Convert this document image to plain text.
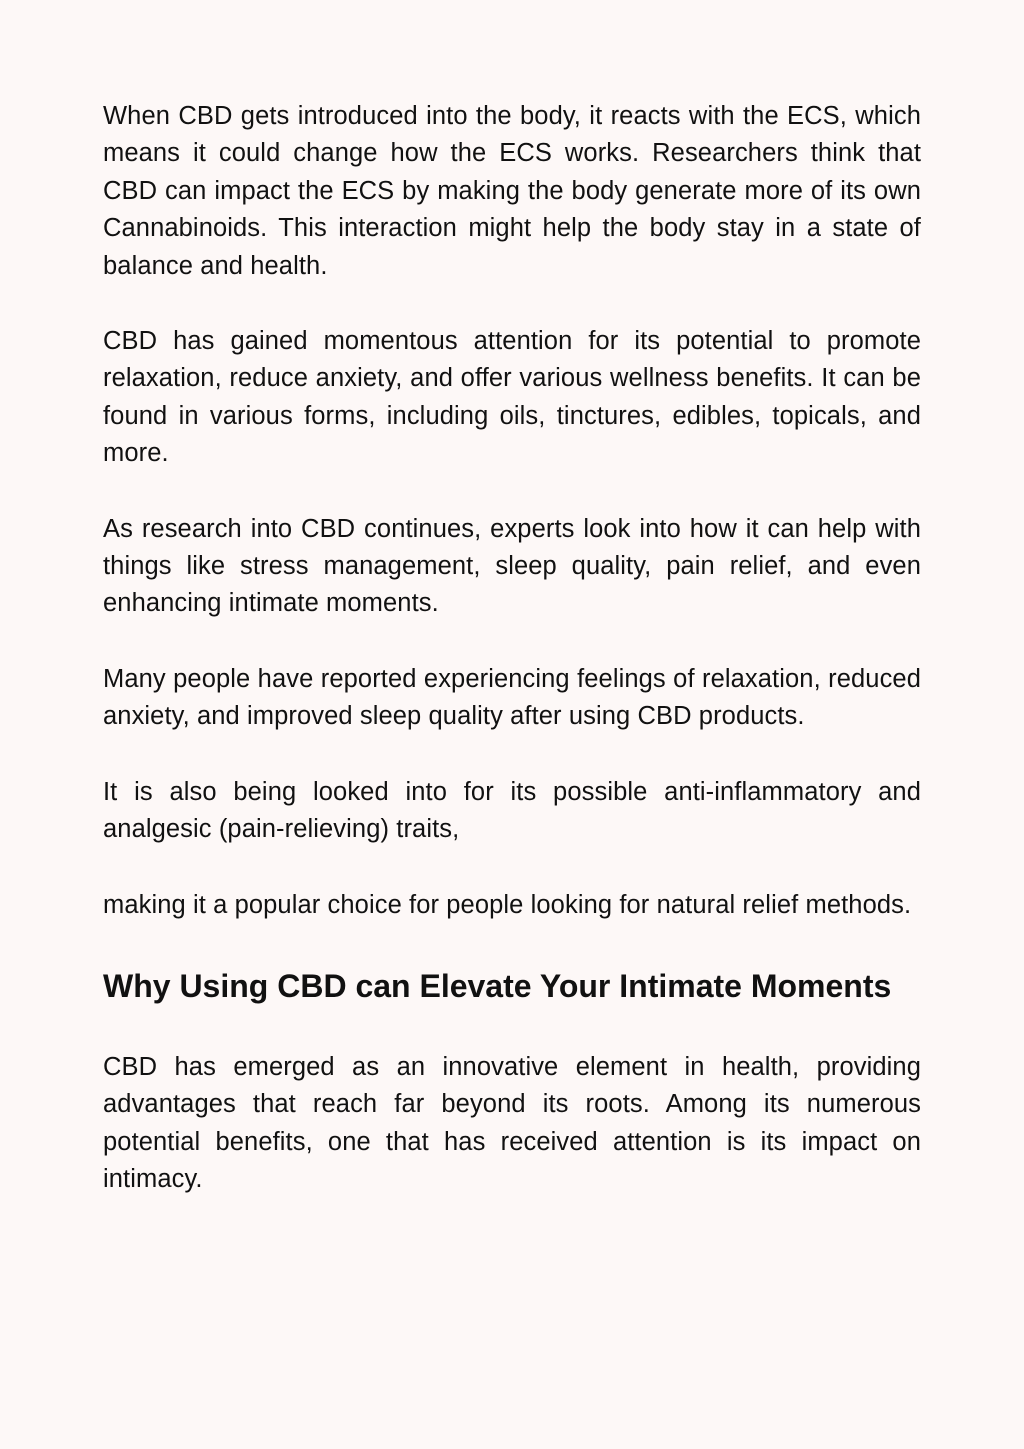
When CBD gets introduced into the body, it reacts with the ECS, which means it could change how the ECS works. Researchers think that CBD can impact the ECS by making the body generate more of its own Cannabinoids. This interaction might help the body stay in a state of balance and health.

CBD has gained momentous attention for its potential to promote relaxation, reduce anxiety, and offer various wellness benefits. It can be found in various forms, including oils, tinctures, edibles, topicals, and more.

As research into CBD continues, experts look into how it can help with things like stress management, sleep quality, pain relief, and even enhancing intimate moments.

Many people have reported experiencing feelings of relaxation, reduced anxiety, and improved sleep quality after using CBD products.

It is also being looked into for its possible anti-inflammatory and analgesic (pain-relieving) traits,

making it a popular choice for people looking for natural relief methods.

Why Using CBD can Elevate Your Intimate Moments

CBD has emerged as an innovative element in health, providing advantages that reach far beyond its roots. Among its numerous potential benefits, one that has received attention is its impact on intimacy.
